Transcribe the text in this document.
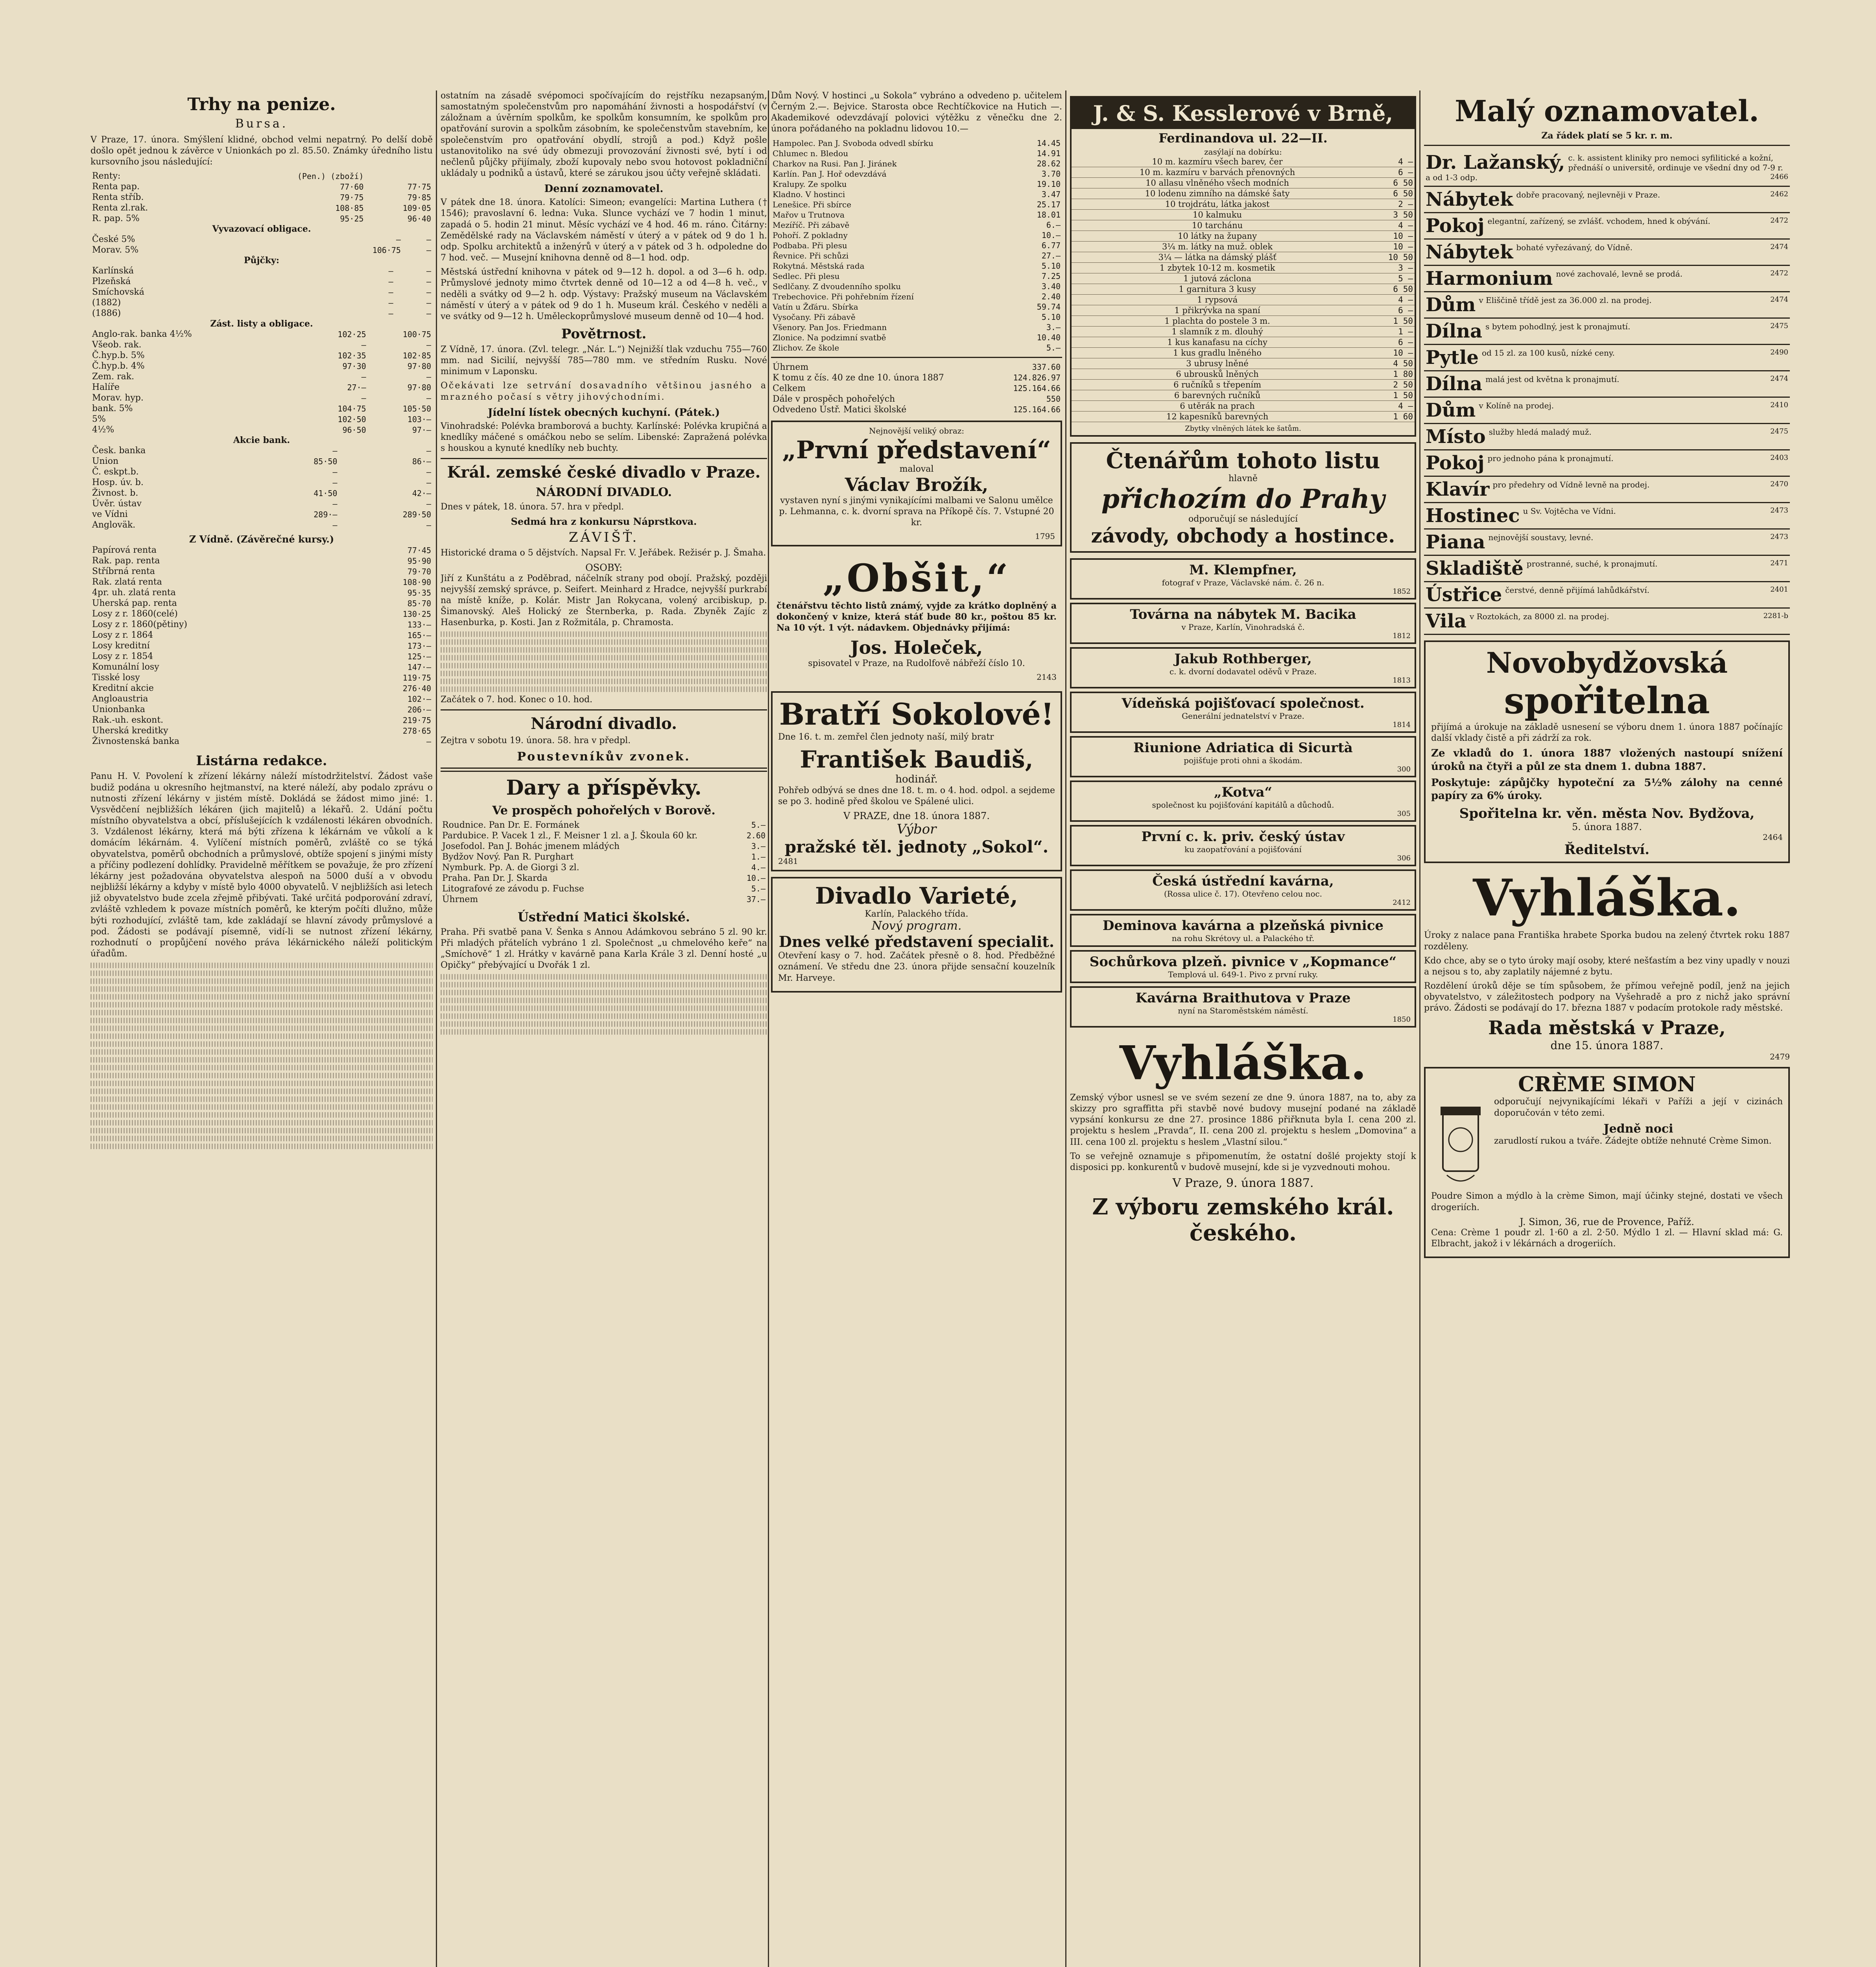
Trhy na penize.
Bursa.

V Praze, 17. února. Smýšlení klidné, obchod velmi nepatrný. Po delší době došlo opět jednou k závěrce v Unionkách po zl. 85.50. Známky úředního listu kursovního jsou následující:

Renty:	(Pen.) (zboží)	
Renta pap.	77·60	77·75
Renta stříb.	79·75	79·85
Renta zl.rak.	108·85	109·05
R. pap. 5%	95·25	96·40
Vyvazovací obligace.
České 5%	—	—
Morav. 5%	106·75	—
Půjčky:
Karlínská	—	—
Plzeňská	—	—
Smíchovská	—	—
(1882)	—	—
(1886)	—	—
Zást. listy a obligace.
Anglo-rak. banka 4½%	102·25	100·75
Všeob. rak.	—	—
Č.hyp.b. 5%	102·35	102·85
Č.hyp.b. 4%	97·30	97·80
Zem. rak.	—	—
Halíře	27·—	97·80
Morav. hyp.	—	—
bank. 5%	104·75	105·50
5%	102·50	103·—
4½%	96·50	97·—
Akcie bank.
Česk. banka	—	—
Union	85·50	86·—
Č. eskpt.b.	—	—
Hosp. úv. b.	—	—
Živnost. b.	41·50	42·—
Úvěr. ústav	—	—
ve Vídni	289·—	289·50
Angloväk.	—	—
Z Vídně. (Závěrečné kursy.)
Papírová renta	77·45
Rak. pap. renta	95·90
Stříbrná renta	79·70
Rak. zlatá renta	108·90
4pr. uh. zlatá renta	95·35
Uherská pap. renta	85·70
Losy z r. 1860(celé)	130·25
Losy z r. 1860(pětiny)	133·—
Losy z r. 1864	165·—
Losy kreditní	173·—
Losy z r. 1854	125·—
Komunální losy	147·—
Tisské losy	119·75
Kreditní akcie	276·40
Angloaustria	102·—
Unionbanka	206·—
Rak.-uh. eskont.	219·75
Uherská kreditky	278·65
Živnostenská banka	—
Listárna redakce.

Panu H. V. Povolení k zřízení lékárny náleží místodržitelství. Žádost vaše budiž podána u okresního hejtmanství, na které náleží, aby podalo zprávu o nutnosti zřízení lékárny v jistém místě. Dokládá se žádost mimo jiné: 1. Vysvědčení nejbližších lékáren (jich majitelů) a lékařů. 2. Udání počtu místního obyvatelstva a obcí, příslušejících k vzdálenosti lékáren obvodních. 3. Vzdálenost lékárny, která má býti zřízena k lékárnám ve vůkolí a k domácím lékárnám. 4. Vylíčení místních poměrů, zvláště co se týká obyvatelstva, poměrů obchodních a průmyslové, obtíže spojení s jinými místy a příčiny podlezení dohlídky. Pravidelně měřítkem se považuje, že pro zřízení lékárny jest požadována obyvatelstva alespoň na 5000 duší a v obvodu nejbližší lékárny a kdyby v místě bylo 4000 obyvatelů. V nejbližších asi letech již obyvatelstvo bude zcela zřejmě přibývati. Také určitá podporování zdraví, zvláště vzhledem k povaze místních poměrů, ke kterým počíti dlužno, může býti rozhodující, zvláště tam, kde zakládají se hlavní závody průmyslové a pod. Žádosti se podávají písemně, vidí-li se nutnost zřízení lékárny, rozhodnutí o propůjčení nového práva lékárnického náleží politickým úřadům.

ostatním na zásadě svépomoci spočívajícím do rejstříku nezapsaným, samostatným společenstvům pro napomáhání živnosti a hospodářství (v záložnam a úvěrním spolkům, ke spolkům konsumním, ke spolkům pro opatřování surovin a spolkům zásobním, ke společenstvům stavebním, ke společenstvím pro opatřování obydlí, strojů a pod.) Když pošle ustanovitoliko na své údy obmezuji provozování živnosti své, bytí i od nečlenů půjčky přijímaly, zboží kupovaly nebo svou hotovost pokladniční ukládaly u podniků a ústavů, které se zárukou jsou účty veřejně skládati.

Denní zoznamovatel.

V pátek dne 18. února. Katolíci: Simeon; evangelíci: Martina Luthera († 1546); pravoslavní 6. ledna: Vuka. Slunce vychází ve 7 hodin 1 minut, zapadá o 5. hodin 21 minut. Měsíc vychází ve 4 hod. 46 m. ráno. Čitárny: Zemědělské rady na Václavském náměstí v úterý a v pátek od 9 do 1 h. odp. Spolku architektů a inženýrů v úterý a v pátek od 3 h. odpoledne do 7 hod. več. — Musejní knihovna denně od 8—1 hod. odp.

Městská ústřední knihovna v pátek od 9—12 h. dopol. a od 3—6 h. odp. Průmyslové jednoty mimo čtvrtek denně od 10—12 a od 4—8 h. več., v neděli a svátky od 9—2 h. odp. Výstavy: Pražský museum na Václavském náměstí v úterý a v pátek od 9 do 1 h. Museum král. Českého v neděli a ve svátky od 9—12 h. Uměleckoprůmyslové museum denně od 10—4 hod.

Povětrnost.

Z Vídně, 17. února. (Zvl. telegr. „Nár. L.“) Nejnižší tlak vzduchu 755—760 mm. nad Sicilií, nejvyšší 785—780 mm. ve středním Rusku. Nové minimum v Laponsku.

Očekávati lze setrvání dosavadního většinou jasného a mrazného počasí s větry jihovýchodními.

Jídelní lístek obecných kuchyní. (Pátek.)

Vinohradské: Polévka bramborová a buchty. Karlínské: Polévka krupičná a knedlíky máčené s omáčkou nebo se selím. Libenské: Zapražená polévka s houskou a kynuté knedlíky neb buchty.

Král. zemské české divadlo v Praze.
NÁRODNÍ DIVADLO.

Dnes v pátek, 18. února. 57. hra v předpl.

Sedmá hra z konkursu Náprstkova.
ZÁVIŠŤ.

Historické drama o 5 dějstvích. Napsal Fr. V. Jeřábek. Režisér p. J. Šmaha.

OSOBY:

Jiří z Kunštátu a z Poděbrad, náčelník strany pod obojí. Pražský, později nejvyšší zemský správce, p. Seifert. Meinhard z Hradce, nejvyšší purkrabí na místě kníže, p. Kolár. Mistr Jan Rokycana, volený arcibiskup, p. Šimanovský. Aleš Holický ze Šternberka, p. Rada. Zbyněk Zajíc z Hasenburka, p. Kosti. Jan z Rožmitála, p. Chramosta.

Začátek o 7. hod. Konec o 10. hod.

Národní divadlo.

Zejtra v sobotu 19. února. 58. hra v předpl.

Poustevníkův zvonek.
Dary a příspěvky.
Ve prospěch pohořelých v Borově.
Roudnice. Pan Dr. E. Formánek	5.—
Pardubice. P. Vacek 1 zl., F. Meisner 1 zl. a J. Škoula 60 kr.	2.60
Josefodol. Pan J. Bohác jmenem mládých	3.—
Bydžov Nový. Pan R. Purghart	1.—
Nymburk. Pp. A. de Giorgi 3 zl.	4.—
Praha. Pan Dr. J. Skarda	10.—
Litografové ze závodu p. Fuchse	5.—
Úhrnem	37.—
Ústřední Matici školské.

Praha. Při svatbě pana V. Šenka s Annou Adámkovou sebráno 5 zl. 90 kr. Při mladých přátelích vybráno 1 zl. Společnost „u chmelového keře“ na „Smíchově“ 1 zl. Hrátky v kavárně pana Karla Krále 3 zl. Denní hosté „u Opičky“ přebývající u Dvořák 1 zl.

Dům Nový. V hostinci „u Sokola“ vybráno a odvedeno p. učitelem Černým 2.—. Bejvice. Starosta obce Rechtíčkovice na Hutich —. Akademikové odevzdávají polovici výtěžku z věnečku dne 2. února pořádaného na pokladnu lidovou 10.—

Hampolec. Pan J. Svoboda odvedl sbírku	14.45
Chlumec n. Bledou	14.91
Charkov na Rusi. Pan J. Jiránek	28.62
Karlín. Pan J. Hoř odevzdává	3.70
Kralupy. Ze spolku	19.10
Kladno. V hostinci	3.47
Lenešice. Při sbírce	25.17
Mařov u Trutnova	18.01
Mezíříč. Při zábavě	6.—
Pohoří. Z pokladny	10.—
Podbaba. Při plesu	6.77
Řevnice. Při schůzi	27.—
Rokytná. Městská rada	5.10
Sedlec. Při plesu	7.25
Sedlčany. Z dvoudenního spolku	3.40
Trebechovice. Při pohřebním řízení	2.40
Vatín u Žďáru. Sbírka	59.74
Vysočany. Při zábavě	5.10
Všenory. Pan Jos. Friedmann	3.—
Zlonice. Na podzimní svatbě	10.40
Zlichov. Ze škole	5.—
Úhrnem	337.60
K tomu z čís. 40 ze dne 10. února 1887	124.826.97
Celkem	125.164.66
Dále v prospěch pohořelých	550
Odvedeno Ústř. Matici školské	125.164.66
Nejnovější veliký obraz:
„První představení“
maloval
Václav Brožík,

vystaven nyní s jinými vynikajícími malbami ve Salonu umělce p. Lehmanna, c. k. dvorní sprava na Příkopě čís. 7. Vstupné 20 kr.

1795
„Obšit,“

čtenářstvu těchto listů známý, vyjde za krátko doplněný a dokončený v knize, která stáť bude 80 kr., poštou 85 kr. Na 10 výt. 1 výt. nádavkem. Objednávky přijímá:

Jos. Holeček,

spisovatel v Praze, na Rudolfově nábřeží číslo 10.

2143
Bratří Sokolové!

Dne 16. t. m. zemřel člen jednoty naší, milý bratr

František Baudiš,
hodinář.

Pohřeb odbývá se dnes dne 18. t. m. o 4. hod. odpol. a sejdeme se po 3. hodině před školou ve Spálené ulici.

V PRAZE, dne 18. února 1887.
Výbor
pražské těl. jednoty „Sokol“.
2481
Divadlo Varieté,
Karlín, Palackého třída.
Nový program.
Dnes velké představení specialit.

Otevření kasy o 7. hod. Začátek přesně o 8. hod. Předběžné oznámení. Ve středu dne 23. února přijde sensační kouzelník Mr. Harveye.

J. & S. Kesslerové v Brně,
Ferdinandova ul. 22—II.
zasýlají na dobírku:
10 m. kazmíru všech barev, čer	4 —
10 m. kazmíru v barvách přenovných	6 —
10 allasu vlněného všech modních	6 50
10 lodenu zimního na dámské šaty	6 50
10 trojdrátu, látka jakost	2 —
10 kalmuku	3 50
10 tarchánu	4 —
10 látky na župany	10 —
3¼ m. látky na muž. oblek	10 —
3¼ — látka na dámský plášť	10 50
1 zbytek 10-12 m. kosmetik	3 —
1 jutová záclona	5 —
1 garnitura 3 kusy	6 50
1 rypsová	4 —
1 přikrývka na spaní	6 —
1 plachta do postele 3 m.	1 50
1 slamník z m. dlouhý	1 —
1 kus kanafasu na cíchy	6 —
1 kus gradlu lněného	10 —
3 ubrusy lněné	4 50
6 ubrousků lněných	1 80
6 ručníků s třepením	2 50
6 barevných ručníků	1 50
6 utěrák na prach	4 —
12 kapesníků barevných	1 60
Zbytky vlněných látek ke šatům.
Čtenářům tohoto listu
hlavně
přichozím do Prahy
odporučují se následující
závody, obchody a hostince.
M. Klempfner,
fotograf v Praze, Václavské nám. č. 26 n.
1852
Továrna na nábytek M. Bacika
v Praze, Karlín, Vinohradská č.
1812
Jakub Rothberger,
c. k. dvorní dodavatel oděvů v Praze.
1813
Vídeňská pojišťovací společnost.
Generální jednatelství v Praze.
1814
Riunione Adriatica di Sicurtà
pojišťuje proti ohni a škodám.
300
„Kotva“
společnost ku pojišťování kapitálů a důchodů.
305
První c. k. priv. český ústav
ku zaopatřování a pojišťování
306
Česká ústřední kavárna,
(Rossa ulice č. 17). Otevřeno celou noc.
2412
Deminova kavárna a plzeňská pivnice
na rohu Skrétovy ul. a Palackého tř.
Sochůrkova plzeň. pivnice v „Kopmance“
Templová ul. 649-1. Pivo z první ruky.
Kavárna Braithutova v Praze
nyní na Staroměstském náměstí.
1850
Vyhláška.

Zemský výbor usnesl se ve svém sezení ze dne 9. února 1887, na to, aby za skizzy pro sgraffitta při stavbě nové budovy musejní podané na základě vypsání konkursu ze dne 27. prosince 1886 přiřknuta byla I. cena 200 zl. projektu s heslem „Pravda“, II. cena 200 zl. projektu s heslem „Domovina“ a III. cena 100 zl. projektu s heslem „Vlastní silou.“

To se veřejně oznamuje s připomenutím, že ostatní došlé projekty stojí k disposici pp. konkurentů v budově musejní, kde si je vyzvednouti mohou.

V Praze, 9. února 1887.
Z výboru zemského král. českého.
Malý oznamovatel.
Za řádek platí se 5 kr. r. m.
Dr. Lažanský, c. k. assistent kliniky pro nemoci syfilitické a kožní, přednáší o universitě, ordinuje ve všední dny od 7-9 r. a od 1-3 odp.	2466
Nábytek dobře pracovaný, nejlevněji v Praze.	2462
Pokoj elegantní, zařízený, se zvlášť. vchodem, hned k obývání.	2472
Nábytek bohaté vyřezávaný, do Vídně.	2474
Harmonium nové zachovalé, levně se prodá.	2472
Dům v Eliščině třídě jest za 36.000 zl. na prodej.	2474
Dílna s bytem pohodlný, jest k pronajmutí.	2475
Pytle od 15 zl. za 100 kusů, nízké ceny.	2490
Dílna malá jest od května k pronajmutí.	2474
Dům v Kolíně na prodej.	2410
Místo služby hledá maladý muž.	2475
Pokoj pro jednoho pána k pronajmutí.	2403
Klavír pro předehry od Vídně levně na prodej.	2470
Hostinec u Sv. Vojtěcha ve Vídni.	2473
Piana nejnovější soustavy, levné.	2473
Skladiště prostranné, suché, k pronajmutí.	2471
Ústřice čerstvé, denně přijímá lahůdkářství.	2401
Vila v Roztokách, za 8000 zl. na prodej.	2281-b
Novobydžovská
spořitelna

přijímá a úrokuje na základě usnesení se výboru dnem 1. února 1887 počínajíc další vklady čistě a při zádrží za rok.

Ze vkladů do 1. února 1887 vložených nastoupí snížení úroků na čtyři a půl ze sta dnem 1. dubna 1887.

Poskytuje: zápůjčky hypoteční za 5½% zálohy na cenné papíry za 6% úroky.

Spořitelna kr. věn. města Nov. Bydžova,
5. února 1887.
2464
Ředitelství.
Vyhláška.

Úroky z nalace pana Františka hrabete Sporka budou na zelený čtvrtek roku 1887 rozděleny.

Kdo chce, aby se o tyto úroky mají osoby, které nešťastím a bez viny upadly v nouzi a nejsou s to, aby zaplatily nájemné z bytu.

Rozdělení úroků děje se tím spůsobem, že přímou veřejně podíl, jenž na jejich obyvatelstvo, v záležitostech podpory na Vyšehradě a pro z nichž jako správní právo. Žádosti se podávají do 17. března 1887 v podacím protokole rady městské.

Rada městská v Praze,
dne 15. února 1887.
2479
CRÈME SIMON

odporučují nejvynikajícími lékaři v Paříži a její v cizinách doporučován v této zemi.

Jedně noci

zarudlostí rukou a tváře. Žádejte obtíže nehnuté Crème Simon.

Poudre Simon a mýdlo à la crème Simon, mají účinky stejné, dostati ve všech drogeriích.

J. Simon, 36, rue de Provence, Paříž.

Cena: Crème 1 poudr zl. 1·60 a zl. 2·50. Mýdlo 1 zl. — Hlavní sklad má: G. Elbracht, jakož i v lékárnách a drogeriích.
